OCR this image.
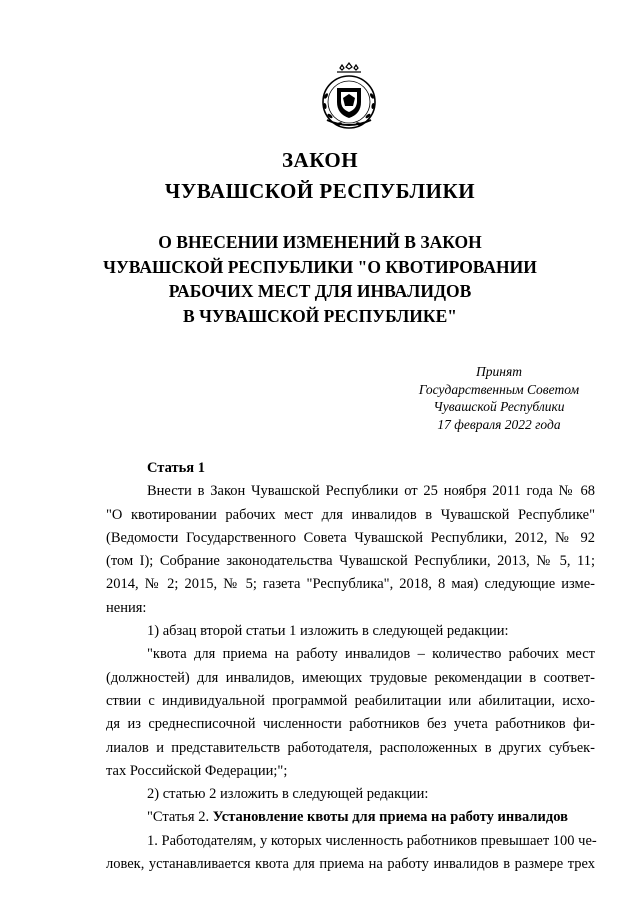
ЗАКОН
ЧУВАШСКОЙ РЕСПУБЛИКИ
О ВНЕСЕНИИ ИЗМЕНЕНИЙ В ЗАКОН
ЧУВАШСКОЙ РЕСПУБЛИКИ "О КВОТИРОВАНИИ
РАБОЧИХ МЕСТ ДЛЯ ИНВАЛИДОВ
В ЧУВАШСКОЙ РЕСПУБЛИКЕ"
Принят
Государственным Советом
Чувашской Республики
17 февраля 2022 года
Статья 1
Внести в Закон Чувашской Республики от 25 ноября 2011 года № 68
"О квотировании рабочих мест для инвалидов в Чувашской Республике"
(Ведомости Государственного Совета Чувашской Республики, 2012, № 92
(том I); Собрание законодательства Чувашской Республики, 2013, № 5, 11;
2014, № 2; 2015, № 5; газета "Республика", 2018, 8 мая) следующие изме-
нения:
1) абзац второй статьи 1 изложить в следующей редакции:
"квота для приема на работу инвалидов – количество рабочих мест
(должностей) для инвалидов, имеющих трудовые рекомендации в соответ-
ствии с индивидуальной программой реабилитации или абилитации, исхо-
дя из среднесписочной численности работников без учета работников фи-
лиалов и представительств работодателя, расположенных в других субъек-
тах Российской Федерации;";
2) статью 2 изложить в следующей редакции:
"Статья 2. Установление квоты для приема на работу инвалидов
1. Работодателям, у которых численность работников превышает 100 че-
ловек, устанавливается квота для приема на работу инвалидов в размере трех
